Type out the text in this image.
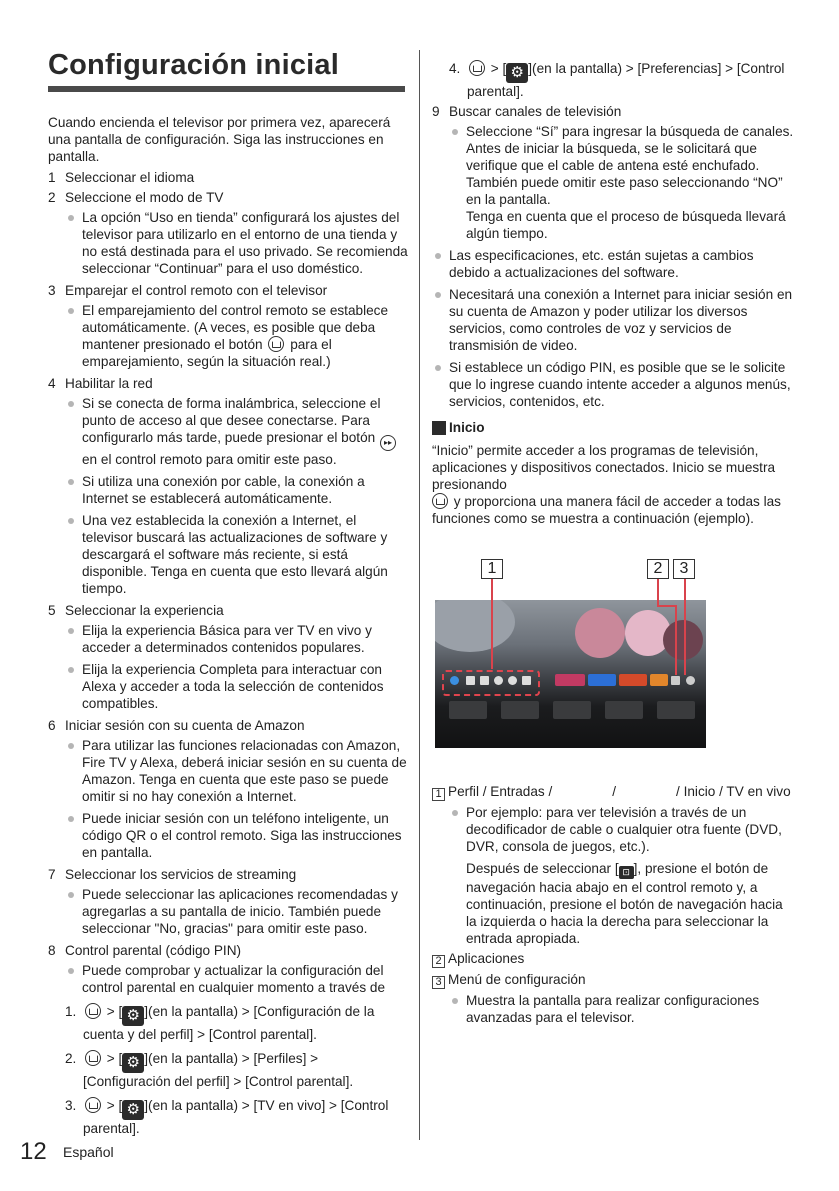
Configuración inicial

Cuando encienda el televisor por primera vez, aparecerá una pantalla de configuración. Siga las instrucciones en pantalla.

1 Seleccionar el idioma
2 Seleccione el modo de TV
La opción “Uso en tienda” configurará los ajustes del televisor para utilizarlo en el entorno de una tienda y no está destinada para el uso privado. Se recomienda seleccionar “Continuar” para el uso doméstico.
3 Emparejar el control remoto con el televisor
El emparejamiento del control remoto se establece automáticamente. (A veces, es posible que deba mantener presionado el botón para el emparejamiento, según la situación real.)
4 Habilitar la red
Si se conecta de forma inalámbrica, seleccione el punto de acceso al que desee conectarse. Para configurarlo más tarde, puede presionar el botón ▸▸ en el control remoto para omitir este paso.
Si utiliza una conexión por cable, la conexión a Internet se establecerá automáticamente.
Una vez establecida la conexión a Internet, el televisor buscará las actualizaciones de software y descargará el software más reciente, si está disponible. Tenga en cuenta que esto llevará algún tiempo.
5 Seleccionar la experiencia
Elija la experiencia Básica para ver TV en vivo y acceder a determinados contenidos populares.
Elija la experiencia Completa para interactuar con Alexa y acceder a toda la selección de contenidos compatibles.
6 Iniciar sesión con su cuenta de Amazon
Para utilizar las funciones relacionadas con Amazon, Fire TV y Alexa, deberá iniciar sesión en su cuenta de Amazon. Tenga en cuenta que este paso se puede omitir si no hay conexión a Internet.
Puede iniciar sesión con un teléfono inteligente, un código QR o el control remoto. Siga las instrucciones en pantalla.
7 Seleccionar los servicios de streaming
Puede seleccionar las aplicaciones recomendadas y agregarlas a su pantalla de inicio. También puede seleccionar "No, gracias" para omitir este paso.
8 Control parental (código PIN)
Puede comprobar y actualizar la configuración del control parental en cualquier momento a través de
1.	> [ ⚙ ](en la pantalla) > [Configuración de la cuenta y del perfil] > [Control parental].
2.	> [ ⚙ ](en la pantalla) > [Perfiles] > [Configuración del perfil] > [Control parental].
3.	> [ ⚙ ](en la pantalla) > [TV en vivo] > [Control parental].
4.	> [ ⚙ ](en la pantalla) > [Preferencias] > [Control parental].
9 Buscar canales de televisión
Seleccione “Sí” para ingresar la búsqueda de canales. Antes de iniciar la búsqueda, se le solicitará que verifique que el cable de antena esté enchufado. También puede omitir este paso seleccionando “NO” en la pantalla.
Tenga en cuenta que el proceso de búsqueda llevará algún tiempo.
Las especificaciones, etc. están sujetas a cambios debido a actualizaciones del software.
Necesitará una conexión a Internet para iniciar sesión en su cuenta de Amazon y poder utilizar los diversos servicios, como controles de voz y servicios de transmisión de video.
Si establece un código PIN, es posible que se le solicite que lo ingrese cuando intente acceder a algunos menús, servicios, contenidos, etc.
Inicio

“Inicio” permite acceder a los programas de televisión, aplicaciones y dispositivos conectados. Inicio se muestra presionando
y proporciona una manera fácil de acceder a todas las funciones como se muestra a continuación (ejemplo).

1	2	3

1 Perfil / Entradas /	/	/ Inicio / TV en vivo

Por ejemplo: para ver televisión a través de un decodificador de cable o cualquier otra fuente (DVD, DVR, consola de juegos, etc.).

Después de seleccionar [ ⊡ ], presione el botón de navegación hacia abajo en el control remoto y, a continuación, presione el botón de navegación hacia la izquierda o hacia la derecha para seleccionar la entrada apropiada.

2 Aplicaciones

3 Menú de configuración

Muestra la pantalla para realizar configuraciones avanzadas para el televisor.
12 Español
